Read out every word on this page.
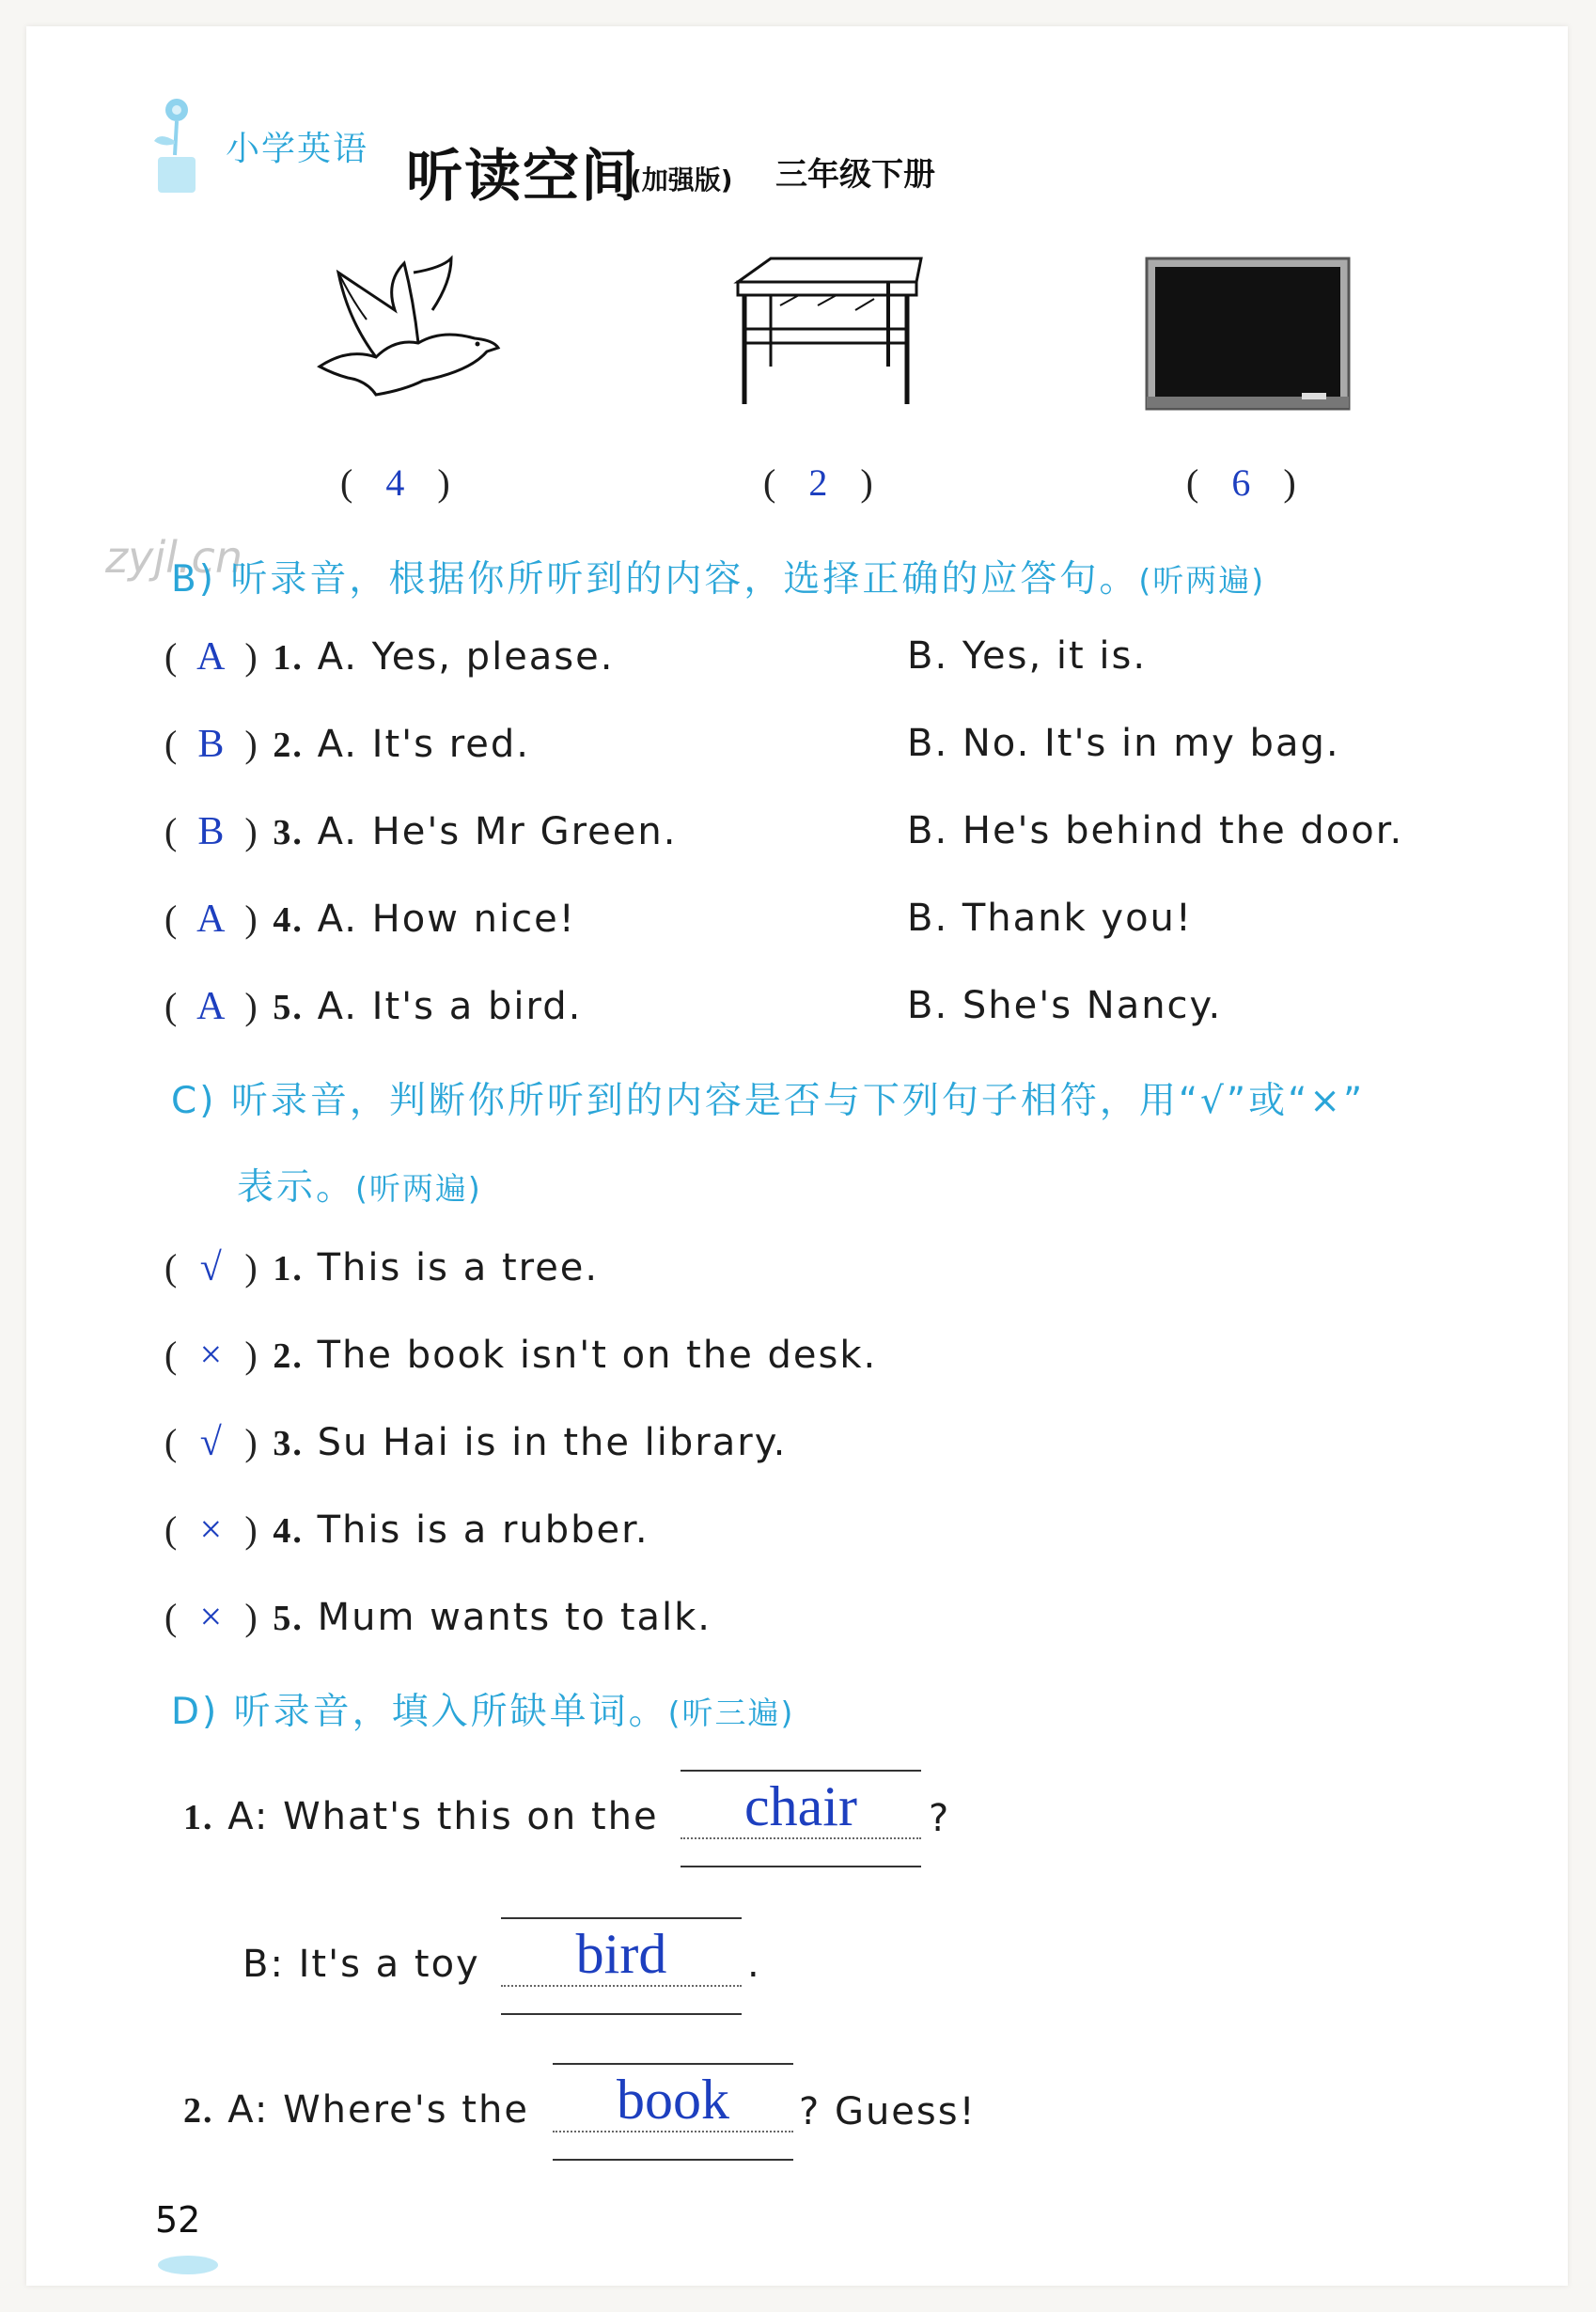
小学英语 听读空间
(加强版) 三年级下册
( 4 )	( 2 )	( 6 )
zyjl.cn
B) 听录音，根据你所听到的内容，选择正确的应答句。(听两遍)
( A ) 1. A. Yes, please.	B. Yes, it is.
( B ) 2. A. It's red.	B. No. It's in my bag.
( B ) 3. A. He's Mr Green.	B. He's behind the door.
( A ) 4. A. How nice!	B. Thank you!
( A ) 5. A. It's a bird.	B. She's Nancy.
C) 听录音，判断你所听到的内容是否与下列句子相符，用“√”或“×”
表示。(听两遍)
( √ ) 1. This is a tree.
( × ) 2. The book isn't on the desk.
( √ ) 3. Su Hai is in the library.
( × ) 4. This is a rubber.
( × ) 5. Mum wants to talk.
D) 听录音，填入所缺单词。(听三遍)
1. A: What's this on the	chair	?
B: It's a toy	bird	.
2. A: Where's the	book	? Guess!
52
